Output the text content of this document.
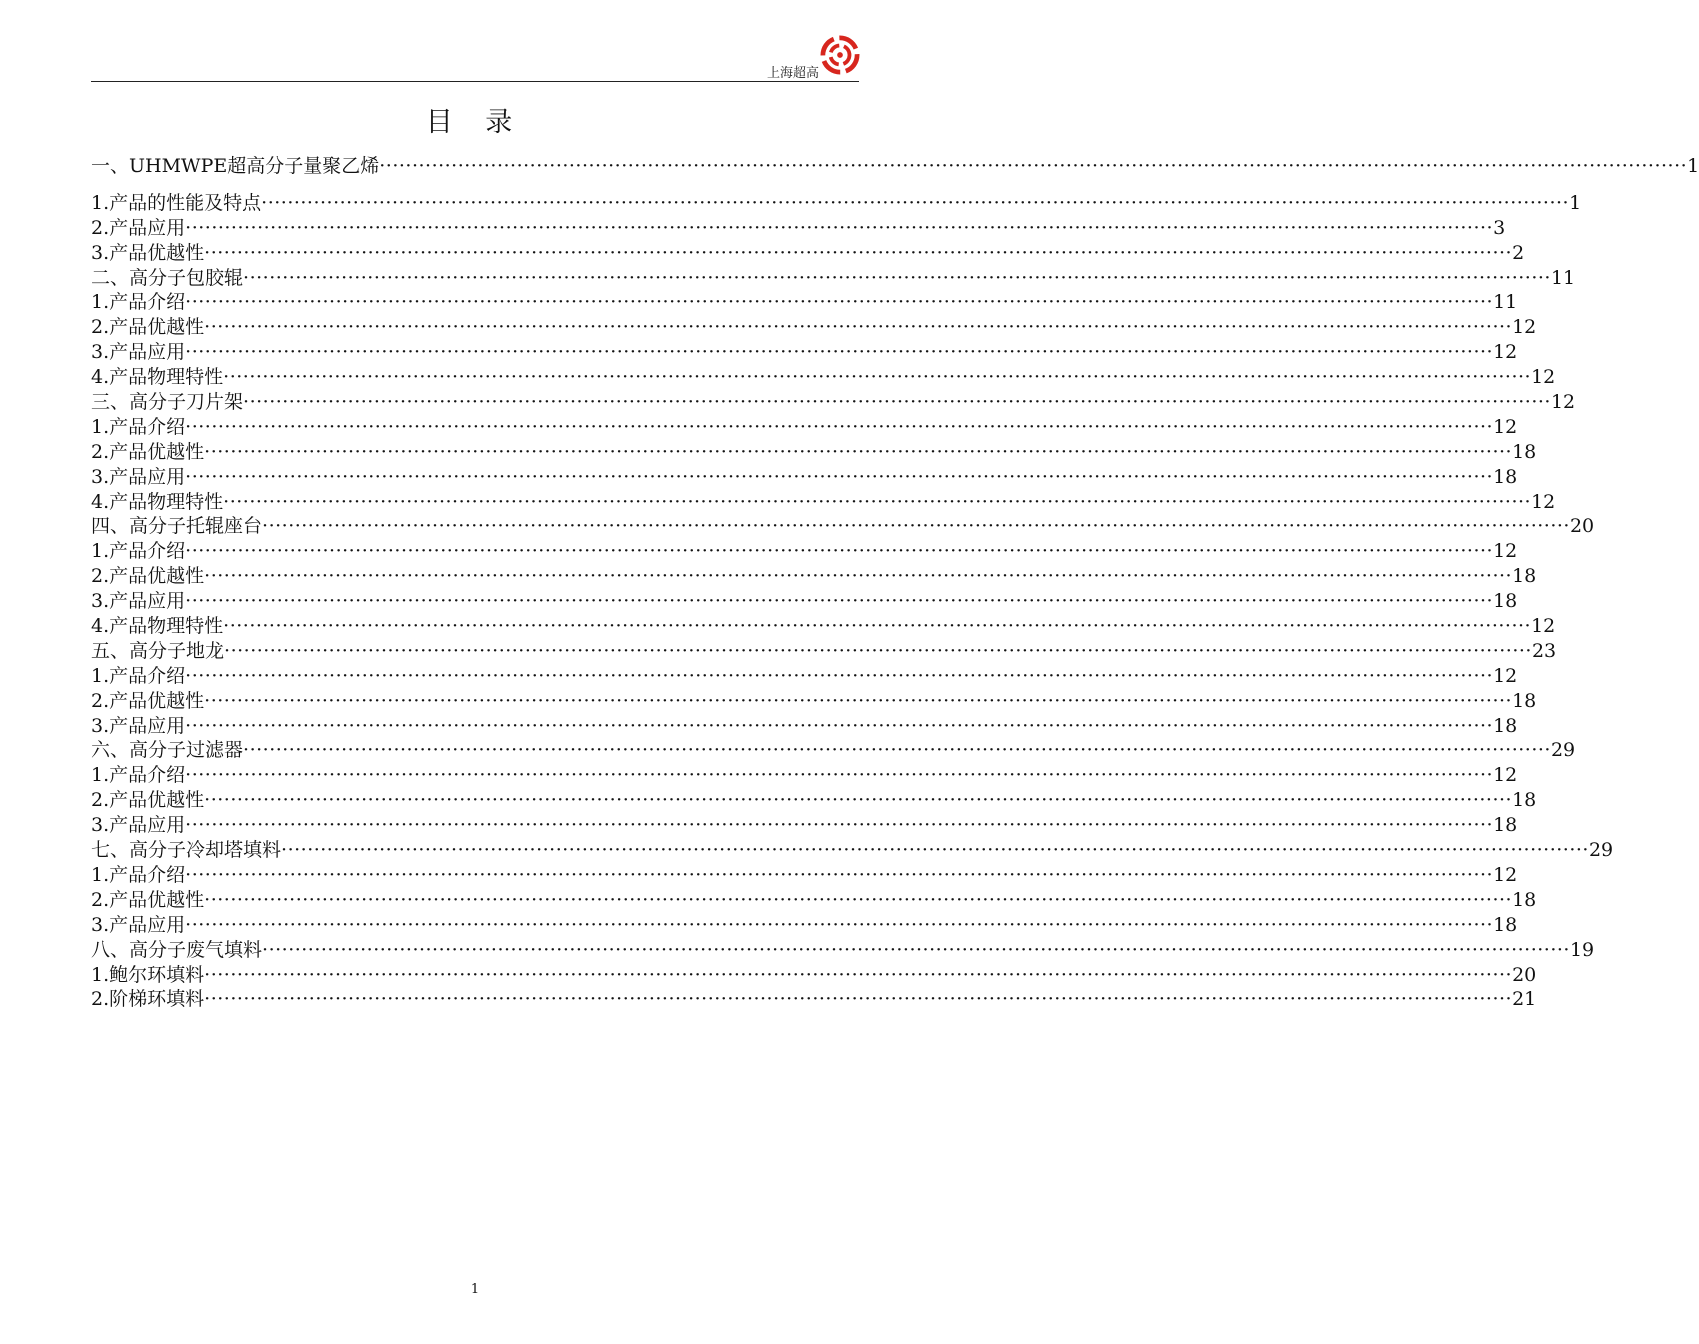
上海超高
目 录
一、 UHMWPE超高分子量聚乙烯 ········································································································································································································ 1
1. 产品的性能及特点 ········································································································································································································ 1
2. 产品应用 ········································································································································································································ 3
3. 产品优越性 ········································································································································································································ 2
二、 高分子包胶辊 ········································································································································································································ 11
1. 产品介绍 ········································································································································································································ 11
2. 产品优越性 ········································································································································································································ 12
3. 产品应用 ········································································································································································································ 12
4. 产品物理特性 ········································································································································································································ 12
三、 高分子刀片架 ········································································································································································································ 12
1. 产品介绍 ········································································································································································································ 12
2. 产品优越性 ········································································································································································································ 18
3. 产品应用 ········································································································································································································ 18
4. 产品物理特性 ········································································································································································································ 12
四、 高分子托辊座台 ········································································································································································································ 20
1. 产品介绍 ········································································································································································································ 12
2. 产品优越性 ········································································································································································································ 18
3. 产品应用 ········································································································································································································ 18
4. 产品物理特性 ········································································································································································································ 12
五、 高分子地龙 ········································································································································································································ 23
1. 产品介绍 ········································································································································································································ 12
2. 产品优越性 ········································································································································································································ 18
3. 产品应用 ········································································································································································································ 18
六、 高分子过滤器 ········································································································································································································ 29
1. 产品介绍 ········································································································································································································ 12
2. 产品优越性 ········································································································································································································ 18
3. 产品应用 ········································································································································································································ 18
七、 高分子冷却塔填料 ········································································································································································································ 29
1. 产品介绍 ········································································································································································································ 12
2. 产品优越性 ········································································································································································································ 18
3. 产品应用 ········································································································································································································ 18
八、 高分子废气填料 ········································································································································································································ 19
1. 鲍尔环填料 ········································································································································································································ 20
2. 阶梯环填料 ········································································································································································································ 21
1
